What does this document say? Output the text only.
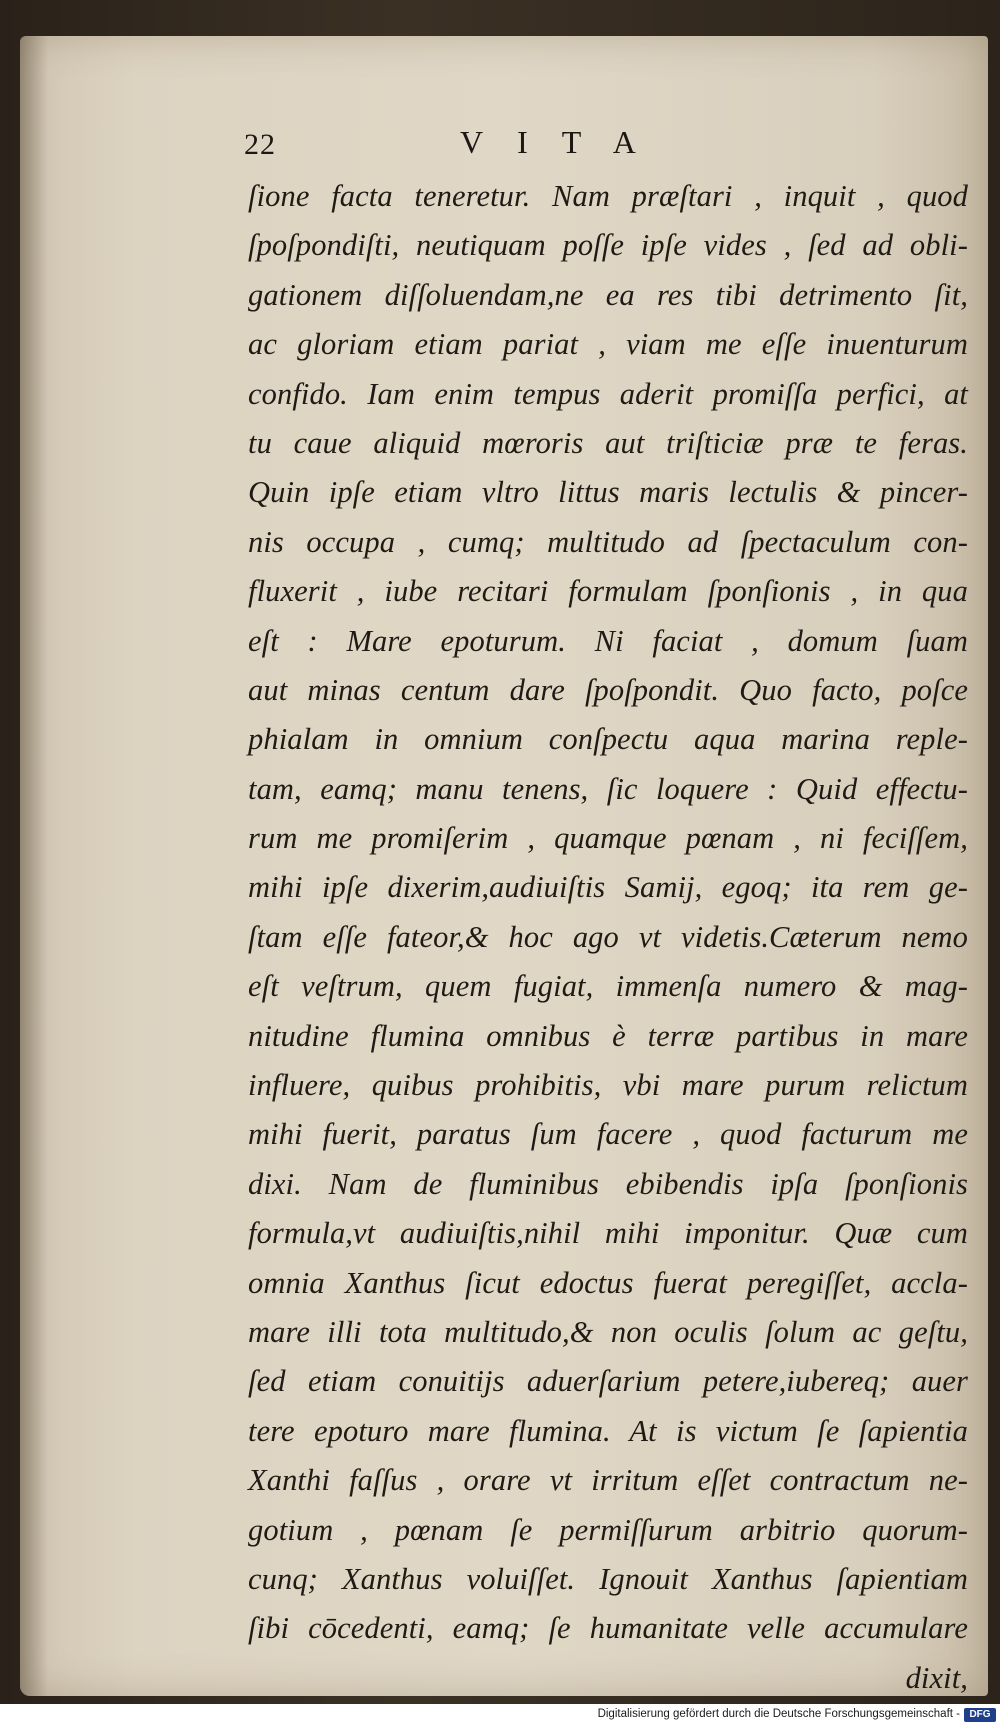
22	VITA
ſione facta teneretur. Nam præſtari , inquit , quod
ſpoſpondiſti, neutiquam poſſe ipſe vides , ſed ad obli-
gationem diſſoluendam,ne ea res tibi detrimento ſit,
ac gloriam etiam pariat , viam me eſſe inuenturum
confido. Iam enim tempus aderit promiſſa perfici, at
tu caue aliquid mœroris aut triſticiæ præ te feras.
Quin ipſe etiam vltro littus maris lectulis & pincer-
nis occupa , cumq; multitudo ad ſpectaculum con-
fluxerit , iube recitari formulam ſponſionis , in qua
eſt : Mare epoturum. Ni faciat , domum ſuam
aut minas centum dare ſpoſpondit. Quo facto, poſce
phialam in omnium conſpectu aqua marina reple-
tam, eamq; manu tenens, ſic loquere : Quid effectu-
rum me promiſerim , quamque pœnam , ni feciſſem,
mihi ipſe dixerim,audiuiſtis Samij, egoq; ita rem ge-
ſtam eſſe fateor,& hoc ago vt videtis.Cæterum nemo
eſt veſtrum, quem fugiat, immenſa numero & mag-
nitudine flumina omnibus è terræ partibus in mare
influere, quibus prohibitis, vbi mare purum relictum
mihi fuerit, paratus ſum facere , quod facturum me
dixi. Nam de fluminibus ebibendis ipſa ſponſionis
formula,vt audiuiſtis,nihil mihi imponitur. Quæ cum
omnia Xanthus ſicut edoctus fuerat peregiſſet, accla-
mare illi tota multitudo,& non oculis ſolum ac geſtu,
ſed etiam conuitijs aduerſarium petere,iubereq; auer
tere epoturo mare flumina. At is victum ſe ſapientia
Xanthi faſſus , orare vt irritum eſſet contractum ne-
gotium , pœnam ſe permiſſurum arbitrio quorum-
cunq; Xanthus voluiſſet. Ignouit Xanthus ſapientiam
ſibi cōcedenti, eamq; ſe humanitate velle accumulare
dixit,
Digitalisierung gefördert durch die Deutsche Forschungsgemeinschaft - DFG
